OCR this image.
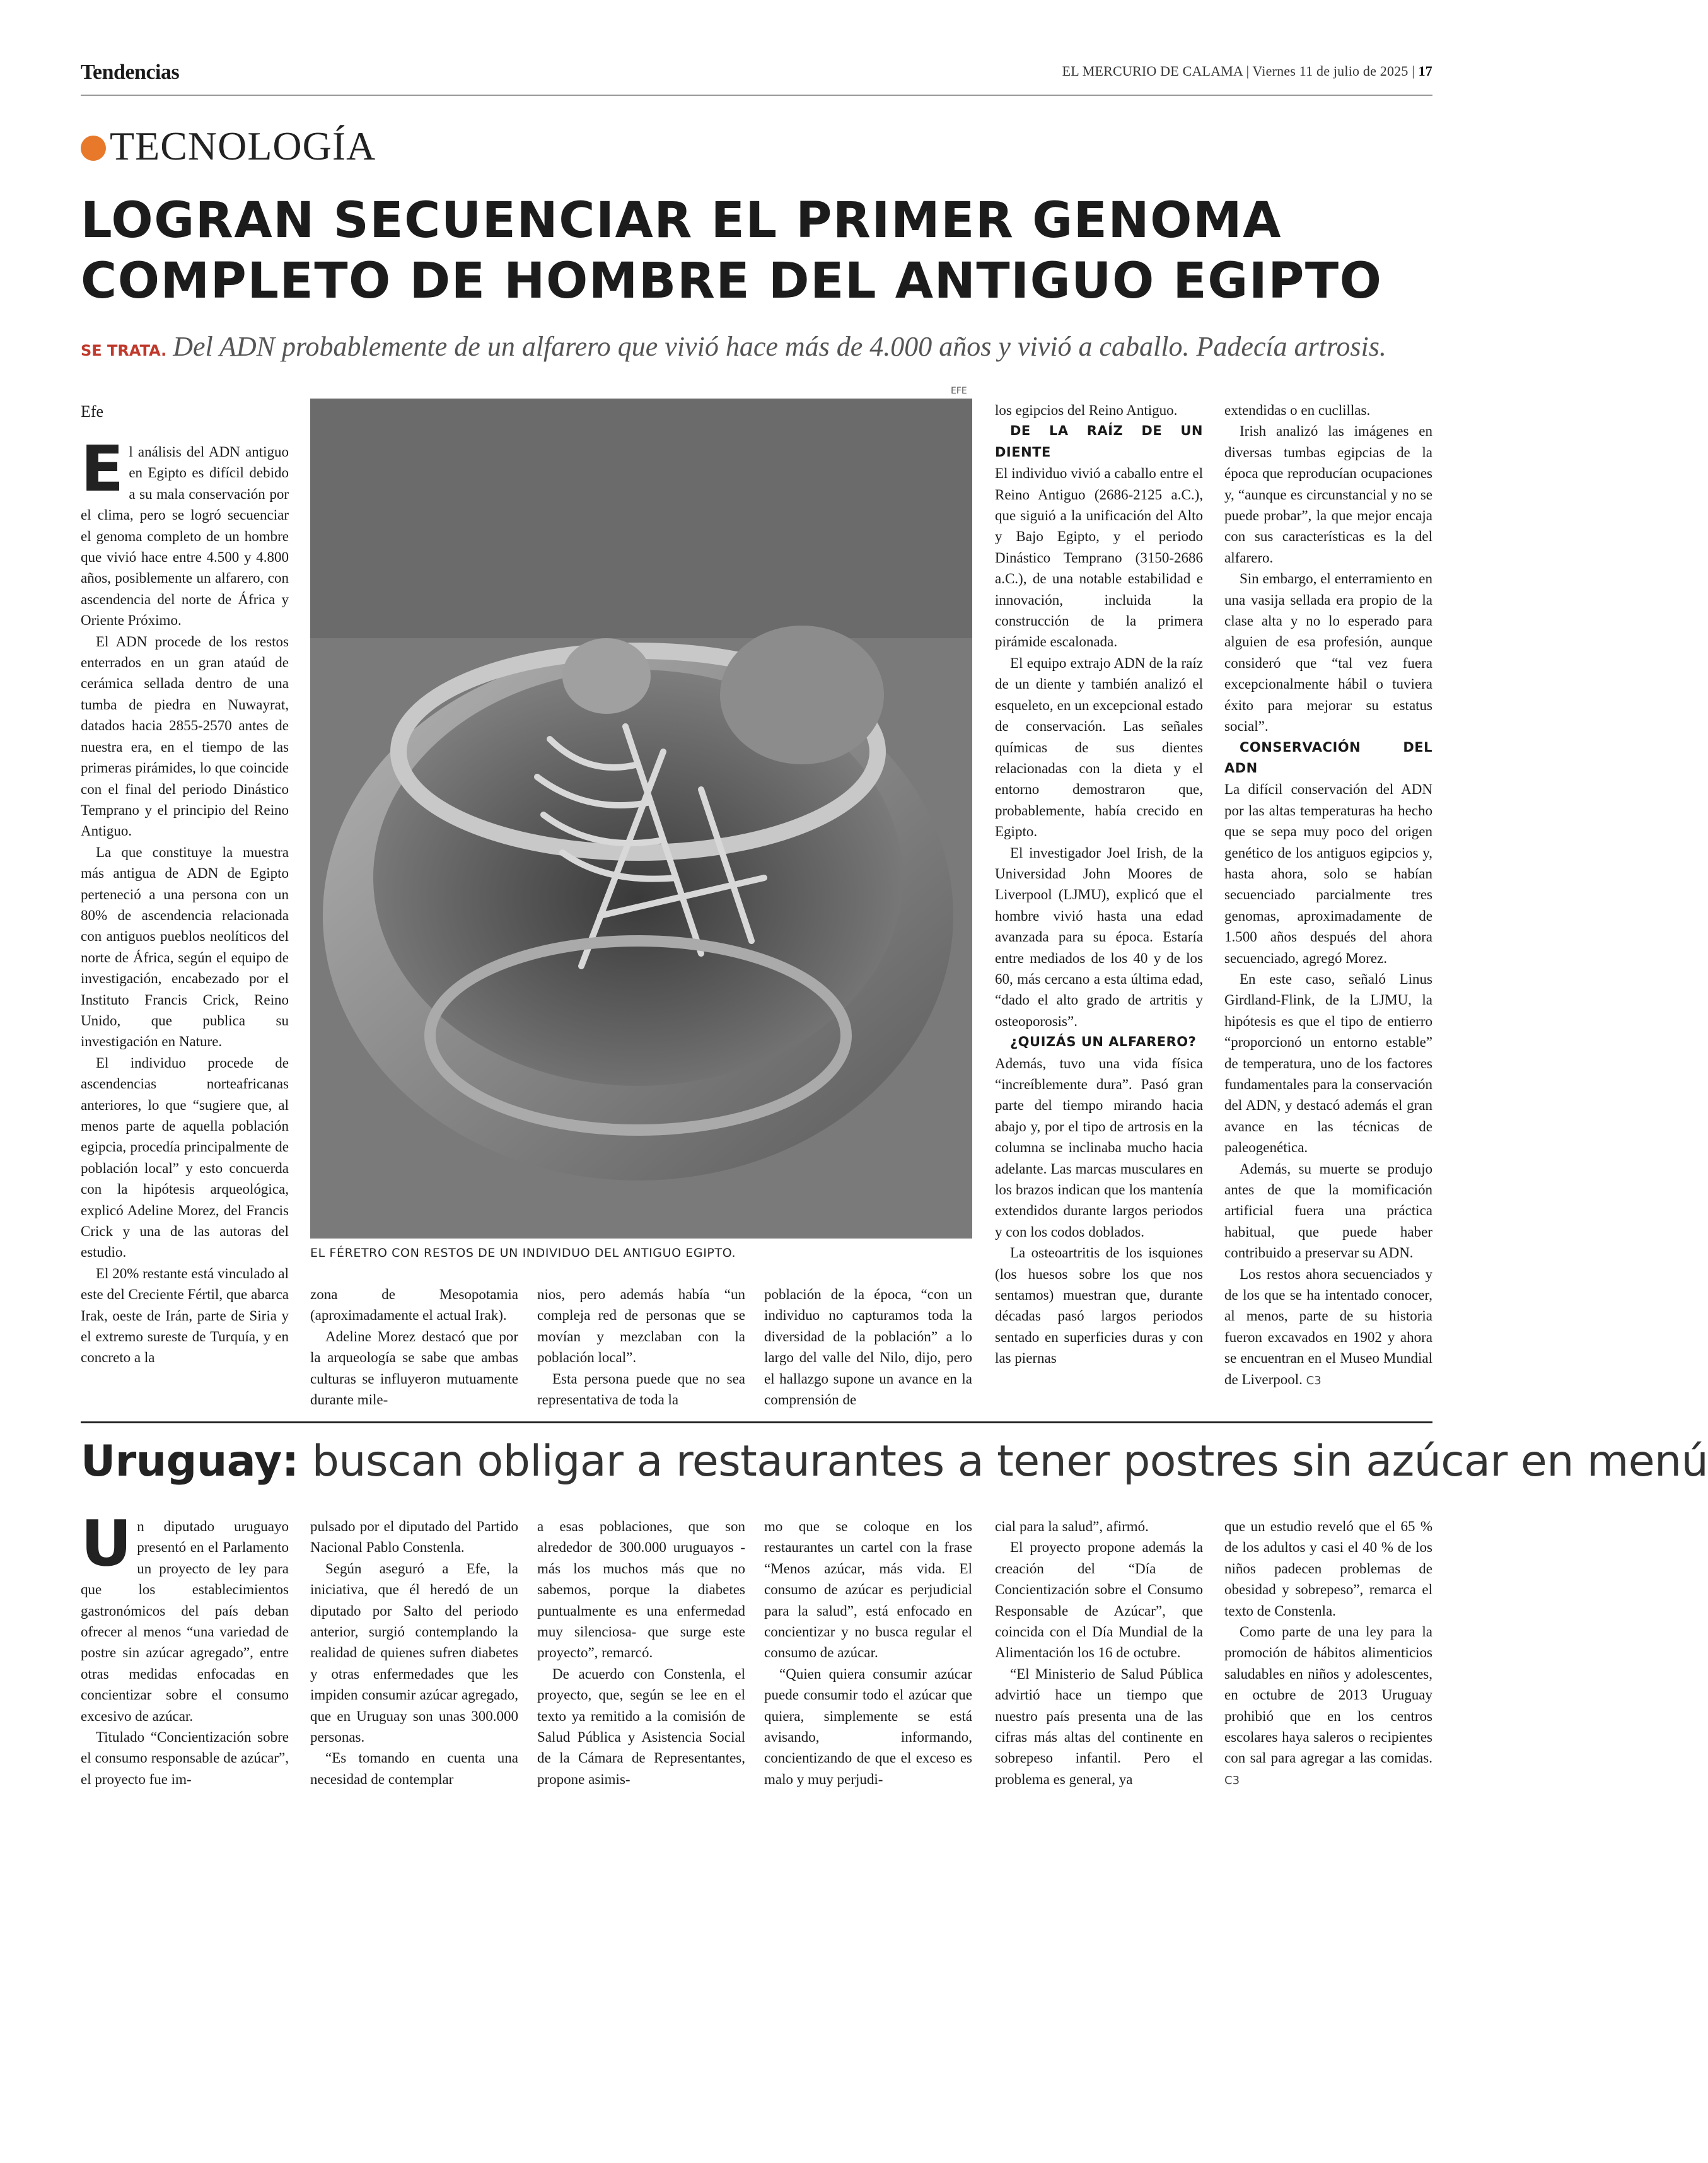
Tendencias	EL MERCURIO DE CALAMA | Viernes 11 de julio de 2025 | 17
TECNOLOGÍA
LOGRAN SECUENCIAR EL PRIMER GENOMA
COMPLETO DE HOMBRE DEL ANTIGUO EGIPTO
SE TRATA. Del ADN probablemente de un alfarero que vivió hace más de 4.000 años y vivió a caballo. Padecía artrosis.
Efe

El análisis del ADN antiguo en Egipto es difícil debido a su mala conservación por el clima, pero se logró secuenciar el genoma completo de un hombre que vivió hace entre 4.500 y 4.800 años, posiblemente un alfarero, con ascendencia del norte de África y Oriente Próximo.

El ADN procede de los restos enterrados en un gran ataúd de cerámica sellada dentro de una tumba de piedra en Nuwayrat, datados hacia 2855-2570 antes de nuestra era, en el tiempo de las primeras pirámides, lo que coincide con el final del periodo Dinástico Temprano y el principio del Reino Antiguo.

La que constituye la muestra más antigua de ADN de Egipto perteneció a una persona con un 80% de ascendencia relacionada con antiguos pueblos neolíticos del norte de África, según el equipo de investigación, encabezado por el Instituto Francis Crick, Reino Unido, que publica su investigación en Nature.

El individuo procede de ascendencias norteafricanas anteriores, lo que “sugiere que, al menos parte de aquella población egipcia, procedía principalmente de población local” y esto concuerda con la hipótesis arqueológica, explicó Adeline Morez, del Francis Crick y una de las autoras del estudio.

El 20% restante está vinculado al este del Creciente Fértil, que abarca Irak, oeste de Irán, parte de Siria y el extremo sureste de Turquía, y en concreto a la

EFE
EL FÉRETRO CON RESTOS DE UN INDIVIDUO DEL ANTIGUO EGIPTO.

zona de Mesopotamia (aproximadamente el actual Irak).

Adeline Morez destacó que por la arqueología se sabe que ambas culturas se influyeron mutuamente durante mile-

nios, pero además había “un compleja red de personas que se movían y mezclaban con la población local”.

Esta persona puede que no sea representativa de toda la

población de la época, “con un individuo no capturamos toda la diversidad de la población” a lo largo del valle del Nilo, dijo, pero el hallazgo supone un avance en la comprensión de

los egipcios del Reino Antiguo.

DE LA RAÍZ DE UN DIENTE

El individuo vivió a caballo entre el Reino Antiguo (2686-2125 a.C.), que siguió a la unificación del Alto y Bajo Egipto, y el periodo Dinástico Temprano (3150-2686 a.C.), de una notable estabilidad e innovación, incluida la construcción de la primera pirámide escalonada.

El equipo extrajo ADN de la raíz de un diente y también analizó el esqueleto, en un excepcional estado de conservación. Las señales químicas de sus dientes relacionadas con la dieta y el entorno demostraron que, probablemente, había crecido en Egipto.

El investigador Joel Irish, de la Universidad John Moores de Liverpool (LJMU), explicó que el hombre vivió hasta una edad avanzada para su época. Estaría entre mediados de los 40 y de los 60, más cercano a esta última edad, “dado el alto grado de artritis y osteoporosis”.

¿QUIZÁS UN ALFARERO?

Además, tuvo una vida física “increíblemente dura”. Pasó gran parte del tiempo mirando hacia abajo y, por el tipo de artrosis en la columna se inclinaba mucho hacia adelante. Las marcas musculares en los brazos indican que los mantenía extendidos durante largos periodos y con los codos doblados.

La osteoartritis de los isquiones (los huesos sobre los que nos sentamos) muestran que, durante décadas pasó largos periodos sentado en superficies duras y con las piernas

extendidas o en cuclillas.

Irish analizó las imágenes en diversas tumbas egipcias de la época que reproducían ocupaciones y, “aunque es circunstancial y no se puede probar”, la que mejor encaja con sus características es la del alfarero.

Sin embargo, el enterramiento en una vasija sellada era propio de la clase alta y no lo esperado para alguien de esa profesión, aunque consideró que “tal vez fuera excepcionalmente hábil o tuviera éxito para mejorar su estatus social”.

CONSERVACIÓN DEL ADN

La difícil conservación del ADN por las altas temperaturas ha hecho que se sepa muy poco del origen genético de los antiguos egipcios y, hasta ahora, solo se habían secuenciado parcialmente tres genomas, aproximadamente de 1.500 años después del ahora secuenciado, agregó Morez.

En este caso, señaló Linus Girdland-Flink, de la LJMU, la hipótesis es que el tipo de entierro “proporcionó un entorno estable” de temperatura, uno de los factores fundamentales para la conservación del ADN, y destacó además el gran avance en las técnicas de paleogenética.

Además, su muerte se produjo antes de que la momificación artificial fuera una práctica habitual, que puede haber contribuido a preservar su ADN.

Los restos ahora secuenciados y de los que se ha intentado conocer, al menos, parte de su historia fueron excavados en 1902 y ahora se encuentran en el Museo Mundial de Liverpool. C3

Uruguay: buscan obligar a restaurantes a tener postres sin azúcar en menú

Un diputado uruguayo presentó en el Parlamento un proyecto de ley para que los establecimientos gastronómicos del país deban ofrecer al menos “una variedad de postre sin azúcar agregado”, entre otras medidas enfocadas en concientizar sobre el consumo excesivo de azúcar.

Titulado “Concientización sobre el consumo responsable de azúcar”, el proyecto fue im-

pulsado por el diputado del Partido Nacional Pablo Constenla.

Según aseguró a Efe, la iniciativa, que él heredó de un diputado por Salto del periodo anterior, surgió contemplando la realidad de quienes sufren diabetes y otras enfermedades que les impiden consumir azúcar agregado, que en Uruguay son unas 300.000 personas.

“Es tomando en cuenta una necesidad de contemplar

a esas poblaciones, que son alrededor de 300.000 uruguayos -más los muchos más que no sabemos, porque la diabetes puntualmente es una enfermedad muy silenciosa- que surge este proyecto”, remarcó.

De acuerdo con Constenla, el proyecto, que, según se lee en el texto ya remitido a la comisión de Salud Pública y Asistencia Social de la Cámara de Representantes, propone asimis-

mo que se coloque en los restaurantes un cartel con la frase “Menos azúcar, más vida. El consumo de azúcar es perjudicial para la salud”, está enfocado en concientizar y no busca regular el consumo de azúcar.

“Quien quiera consumir azúcar puede consumir todo el azúcar que quiera, simplemente se está avisando, informando, concientizando de que el exceso es malo y muy perjudi-

cial para la salud”, afirmó.

El proyecto propone además la creación del “Día de Concientización sobre el Consumo Responsable de Azúcar”, que coincida con el Día Mundial de la Alimentación los 16 de octubre.

“El Ministerio de Salud Pública advirtió hace un tiempo que nuestro país presenta una de las cifras más altas del continente en sobrepeso infantil. Pero el problema es general, ya

que un estudio reveló que el 65 % de los adultos y casi el 40 % de los niños padecen problemas de obesidad y sobrepeso”, remarca el texto de Constenla.

Como parte de una ley para la promoción de hábitos alimenticios saludables en niños y adolescentes, en octubre de 2013 Uruguay prohibió que en los centros escolares haya saleros o recipientes con sal para agregar a las comidas. C3
